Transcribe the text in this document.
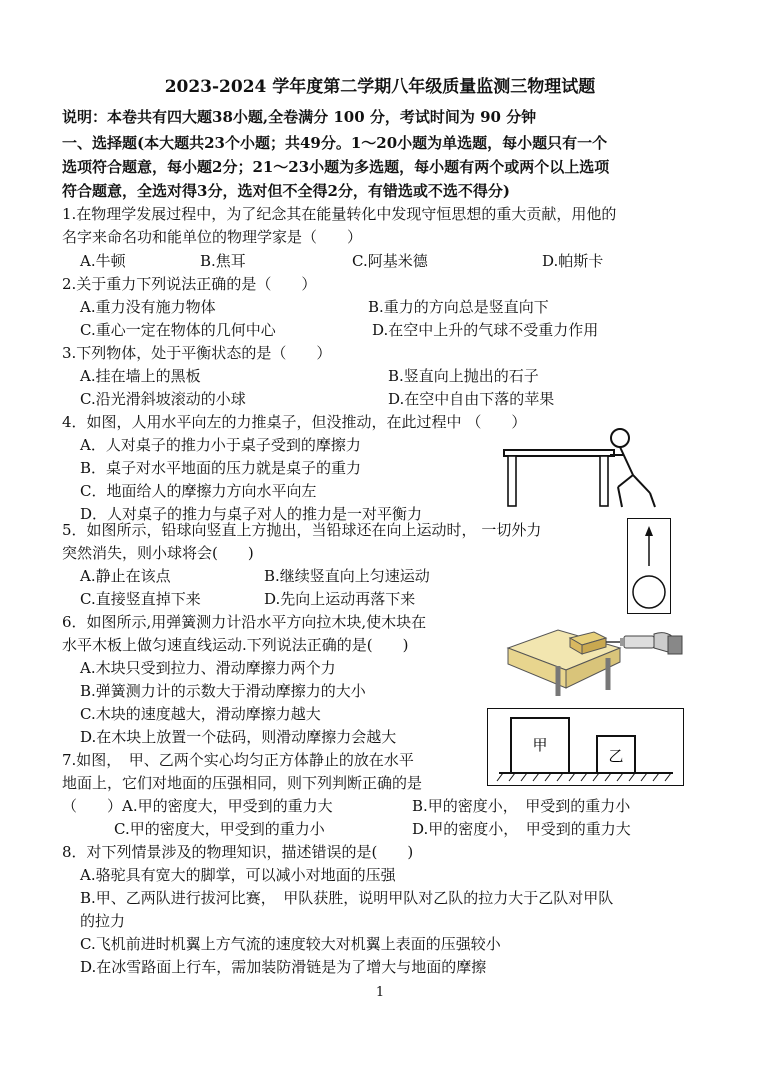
2023-2024 学年度第二学期八年级质量监测三物理试题
说明：本卷共有四大题38小题,全卷满分 100 分，考试时间为 90 分钟
一、选择题(本大题共23个小题；共49分。1～20小题为单选题，每小题只有一个
选项符合题意，每小题2分；21～23小题为多选题，每小题有两个或两个以上选项
符合题意，全选对得3分，选对但不全得2分，有错选或不选不得分)
1.在物理学发展过程中，为了纪念其在能量转化中发现守恒思想的重大贡献，用他的
名字来命名功和能单位的物理学家是（　　）
A.牛顿	B.焦耳	C.阿基米德	D.帕斯卡
2.关于重力下列说法正确的是（　　）
A.重力没有施力物体	B.重力的方向总是竖直向下
C.重心一定在物体的几何中心	D.在空中上升的气球不受重力作用
3.下列物体，处于平衡状态的是（　　）
A.挂在墙上的黑板	B.竖直向上抛出的石子
C.沿光滑斜坡滚动的小球	D.在空中自由下落的苹果
4．如图，人用水平向左的力推桌子，但没推动，在此过程中 （　　）
A．人对桌子的推力小于桌子受到的摩擦力
B．桌子对水平地面的压力就是桌子的重力
C．地面给人的摩擦力方向水平向左
D．人对桌子的推力与桌子对人的推力是一对平衡力
5．如图所示，铅球向竖直上方抛出，当铅球还在向上运动时， 一切外力
突然消失，则小球将会(　　)
A.静止在该点	B.继续竖直向上匀速运动
C.直接竖直掉下来	D.先向上运动再落下来
6．如图所示,用弹簧测力计沿水平方向拉木块,使木块在
水平木板上做匀速直线运动.下列说法正确的是(　　)
A.木块只受到拉力、滑动摩擦力两个力
B.弹簧测力计的示数大于滑动摩擦力的大小
C.木块的速度越大，滑动摩擦力越大
D.在木块上放置一个砝码，则滑动摩擦力会越大
7.如图，　甲、乙两个实心均匀正方体静止的放在水平
地面上，它们对地面的压强相同，则下列判断正确的是
（　　） A.甲的密度大，甲受到的重力大	B.甲的密度小，　甲受到的重力小
C.甲的密度大，甲受到的重力小	D.甲的密度小，　甲受到的重力大
甲
乙
8．对下列情景涉及的物理知识，描述错误的是(　　)
A.骆驼具有宽大的脚掌，可以减小对地面的压强
B.甲、乙两队进行拔河比赛，　甲队获胜，说明甲队对乙队的拉力大于乙队对甲队
的拉力
C.飞机前进时机翼上方气流的速度较大对机翼上表面的压强较小
D.在冰雪路面上行车，需加装防滑链是为了增大与地面的摩擦
1
